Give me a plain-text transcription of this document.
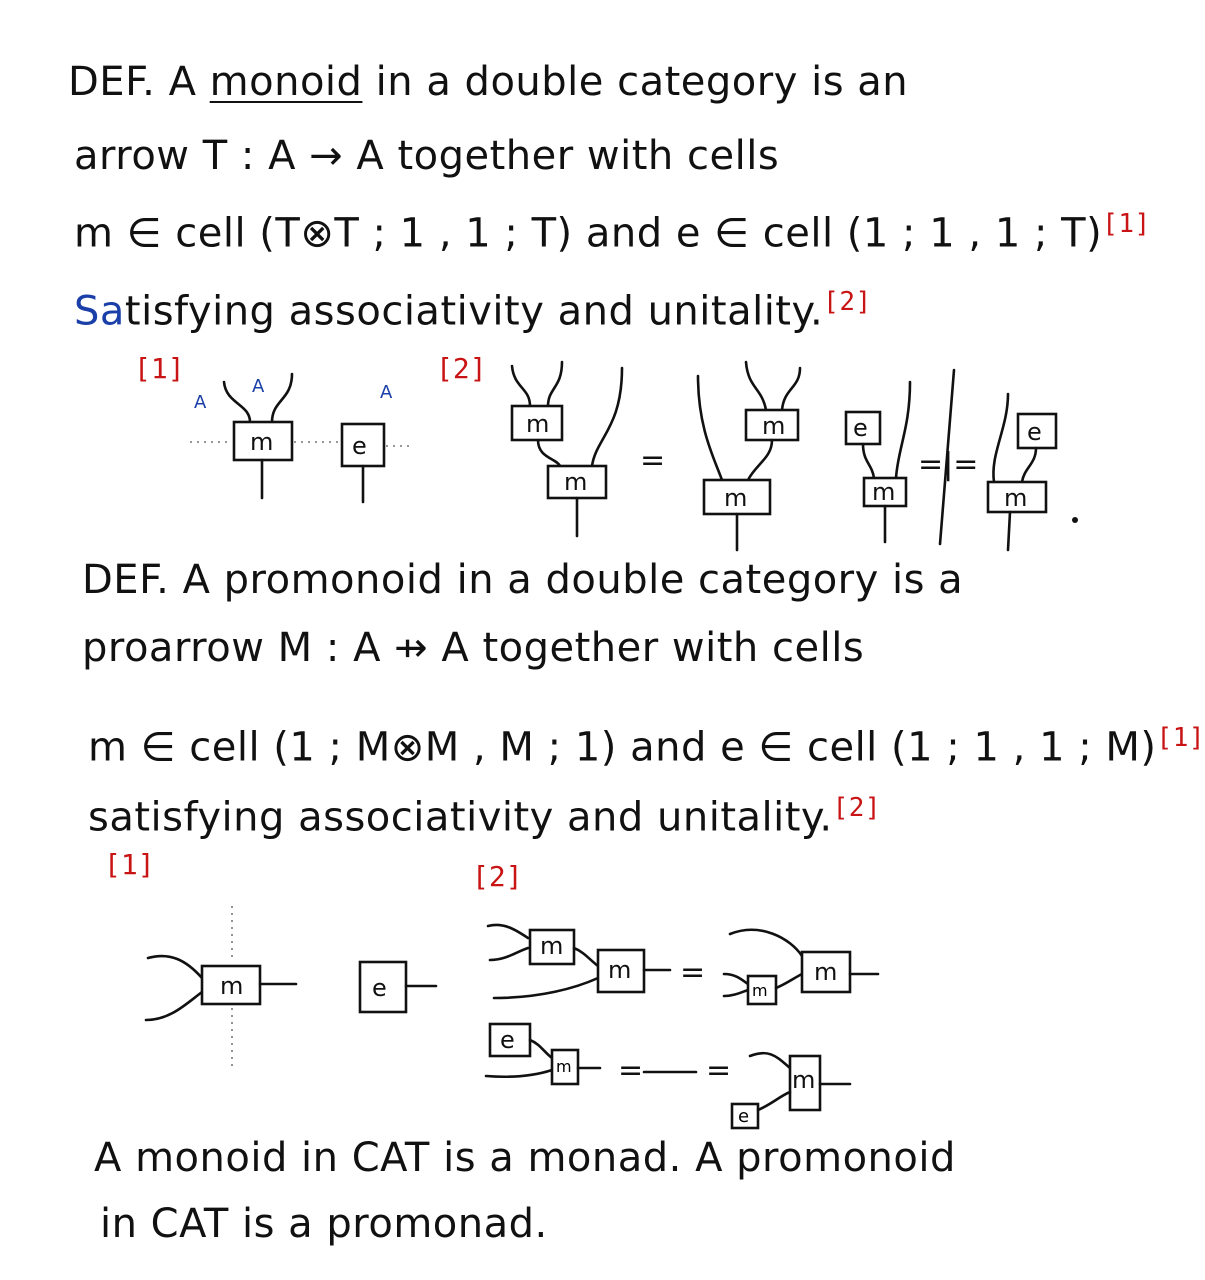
DEF. A monoid in a double category is an
arrow T : A → A together with cells
m ∈ cell (T⊗T ; 1 , 1 ; T) and e ∈ cell (1 ; 1 , 1 ; T)[1]
Satisfying associativity and unitality.[2]
[1]	[2]
A
A	A
m	e
m
m
=
m
m
e
m
=|=
e
m
DEF. A promonoid in a double category is a
proarrow M : A ⇸ A together with cells
m ∈ cell (1 ; M⊗M , M ; 1) and e ∈ cell (1 ; 1 , 1 ; M)[1]
satisfying associativity and unitality.[2]
[1]	[2]
m	e
m
m =
m
m
e
m = =	m
e
A monoid in CAT is a monad. A promonoid
in CAT is a promonad.
